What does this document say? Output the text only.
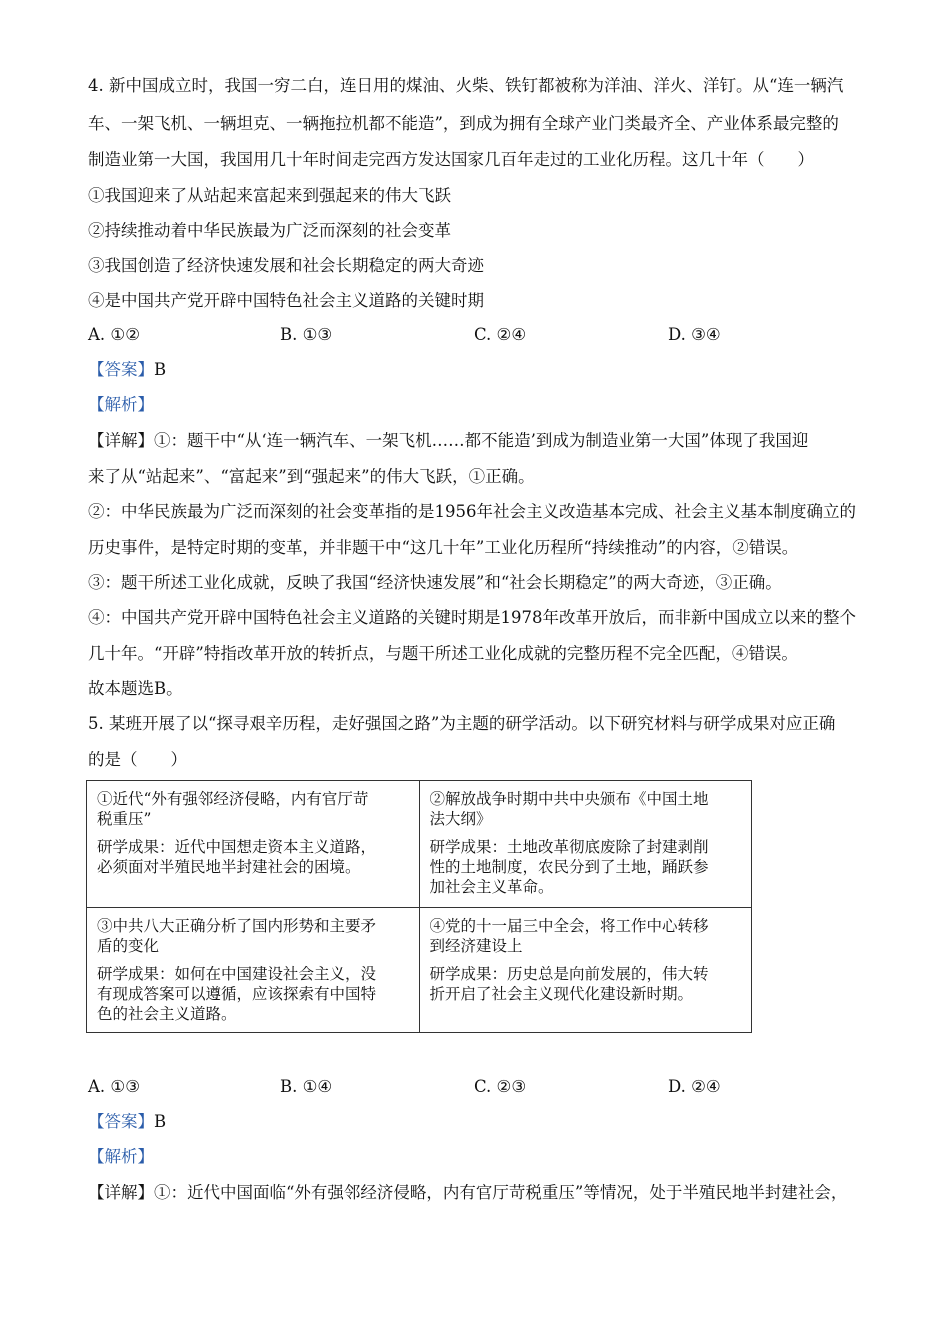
4. 新中国成立时，我国一穷二白，连日用的煤油、火柴、铁钉都被称为洋油、洋火、洋钉。从“连一辆汽
车、一架飞机、一辆坦克、一辆拖拉机都不能造”，到成为拥有全球产业门类最齐全、产业体系最完整的
制造业第一大国，我国用几十年时间走完西方发达国家几百年走过的工业化历程。这几十年（　　）
①我国迎来了从站起来富起来到强起来的伟大飞跃
②持续推动着中华民族最为广泛而深刻的社会变革
③我国创造了经济快速发展和社会长期稳定的两大奇迹
④是中国共产党开辟中国特色社会主义道路的关键时期
A. ①②	B. ①③	C. ②④	D. ③④
【答案】B
【解析】
【详解】①：题干中“从‘连一辆汽车、一架飞机……都不能造’到成为制造业第一大国”体现了我国迎
来了从“站起来”、“富起来”到“强起来”的伟大飞跃，①正确。
②：中华民族最为广泛而深刻的社会变革指的是1956年社会主义改造基本完成、社会主义基本制度确立的
历史事件，是特定时期的变革，并非题干中“这几十年”工业化历程所“持续推动”的内容，②错误。
③：题干所述工业化成就，反映了我国“经济快速发展”和“社会长期稳定”的两大奇迹，③正确。
④：中国共产党开辟中国特色社会主义道路的关键时期是1978年改革开放后，而非新中国成立以来的整个
几十年。“开辟”特指改革开放的转折点，与题干所述工业化成就的完整历程不完全匹配，④错误。
故本题选B。
5. 某班开展了以“探寻艰辛历程，走好强国之路”为主题的研学活动。以下研究材料与研学成果对应正确
的是（　　）
①近代“外有强邻经济侵略，内有官厅苛
税重压”
研学成果：近代中国想走资本主义道路，
必须面对半殖民地半封建社会的困境。	②解放战争时期中共中央颁布《中国土地
法大纲》
研学成果：土地改革彻底废除了封建剥削
性的土地制度，农民分到了土地，踊跃参
加社会主义革命。

③中共八大正确分析了国内形势和主要矛
盾的变化
研学成果：如何在中国建设社会主义，没
有现成答案可以遵循，应该探索有中国特
色的社会主义道路。	④党的十一届三中全会，将工作中心转移
到经济建设上
研学成果：历史总是向前发展的，伟大转
折开启了社会主义现代化建设新时期。
A. ①③	B. ①④	C. ②③	D. ②④
【答案】B
【解析】
【详解】①：近代中国面临“外有强邻经济侵略，内有官厅苛税重压”等情况，处于半殖民地半封建社会，
